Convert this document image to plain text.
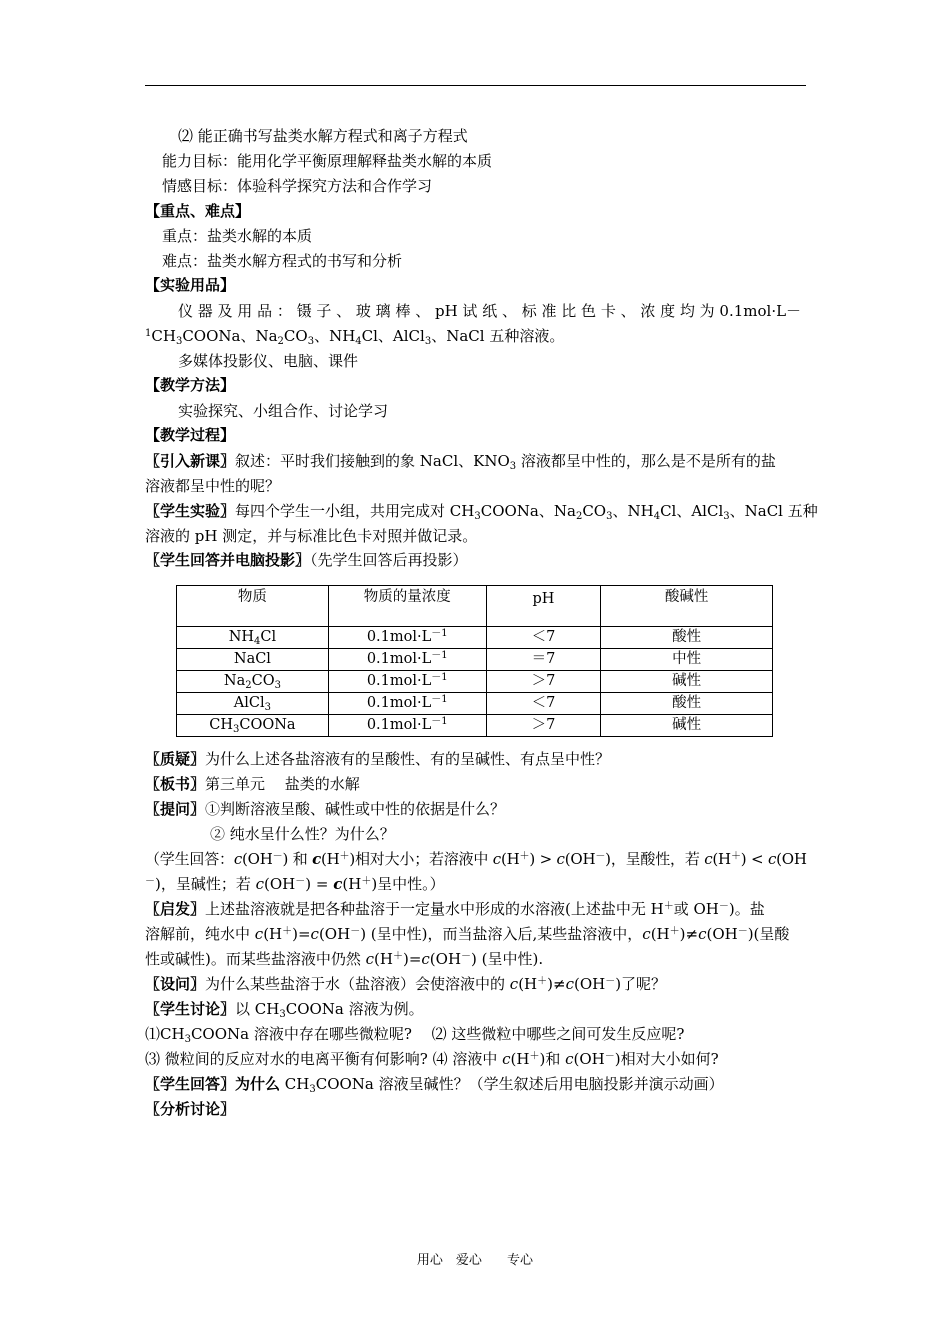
⑵ 能正确书写盐类水解方程式和离子方程式
能力目标：能用化学平衡原理解释盐类水解的本质
情感目标：体验科学探究方法和合作学习
【重点、难点】
重点：盐类水解的本质
难点：盐类水解方程式的书写和分析
【实验用品】
仪 器 及 用 品 ： 镊 子 、 玻 璃 棒 、 pH 试 纸 、 标 准 比 色 卡 、 浓 度 均 为 0.1mol·L－
$^1CH_3COONa$、$Na_2CO_3$、$NH_4Cl$、AlCl$_3$、NaCl 五种溶液。
多媒体投影仪、电脑、课件
【教学方法】
实验探究、小组合作、讨论学习
【教学过程】
〖引入新课〗叙述：平时我们接触到的象 NaCl、$KNO_3$ 溶液都呈中性的，那么是不是所有的盐
溶液都呈中性的呢？
〖学生实验〗每四个学生一小组，共用完成对 $CH_3COONa$、$Na_2CO_3$、$NH_4Cl$、AlCl$_3$、NaCl 五种
溶液的 pH 测定，并与标准比色卡对照并做记录。
〖学生回答并电脑投影〗（先学生回答后再投影）
物质	物质的量浓度	pH	酸碱性
$NH_4Cl$	$0.1mol\cdot L^{-1}$	＜7	酸性
NaCl	$0.1mol\cdot L^{-1}$	＝7	中性
$Na_2CO_3$	$0.1mol\cdot L^{-1}$	＞7	碱性
AlCl$_3$	$0.1mol\cdot L^{-1}$	＜7	酸性
$CH_3COONa$	$0.1mol\cdot L^{-1}$	＞7	碱性
〖质疑〗为什么上述各盐溶液有的呈酸性、有的呈碱性、有点呈中性？
〖板书〗第三单元　 盐类的水解
〖提问〗①判断溶液呈酸、碱性或中性的依据是什么？
② 纯水呈什么性？为什么？
（学生回答：c(OH－) 和 c(H＋)相对大小；若溶液中 c(H＋) > c(OH－)，呈酸性，若 c(H＋) < c(OH
－)，呈碱性；若 c(OH－) = c(H＋)呈中性。）
〖启发〗上述盐溶液就是把各种盐溶于一定量水中形成的水溶液(上述盐中无 H＋或 OH－)。盐
溶解前，纯水中 c(H＋)=c(OH－) (呈中性)，而当盐溶入后,某些盐溶液中，c(H＋)≠c(OH－)(呈酸
性或碱性)。而某些盐溶液中仍然 c(H＋)=c(OH－) (呈中性).
〖设问〗为什么某些盐溶于水（盐溶液）会使溶液中的 c(H＋)≠c(OH－)了呢？
〖学生讨论〗以 $CH_3COONa$ 溶液为例。
$⑴CH_3COONa$ 溶液中存在哪些微粒呢? 　⑵ 这些微粒中哪些之间可发生反应呢?
⑶ 微粒间的反应对水的电离平衡有何影响? ⑷ 溶液中 c(H＋)和 c(OH－)相对大小如何?
〖学生回答〗为什么 $CH_3COONa$ 溶液呈碱性？（学生叙述后用电脑投影并演示动画）
〖分析讨论〗
用心　爱心　 专心
